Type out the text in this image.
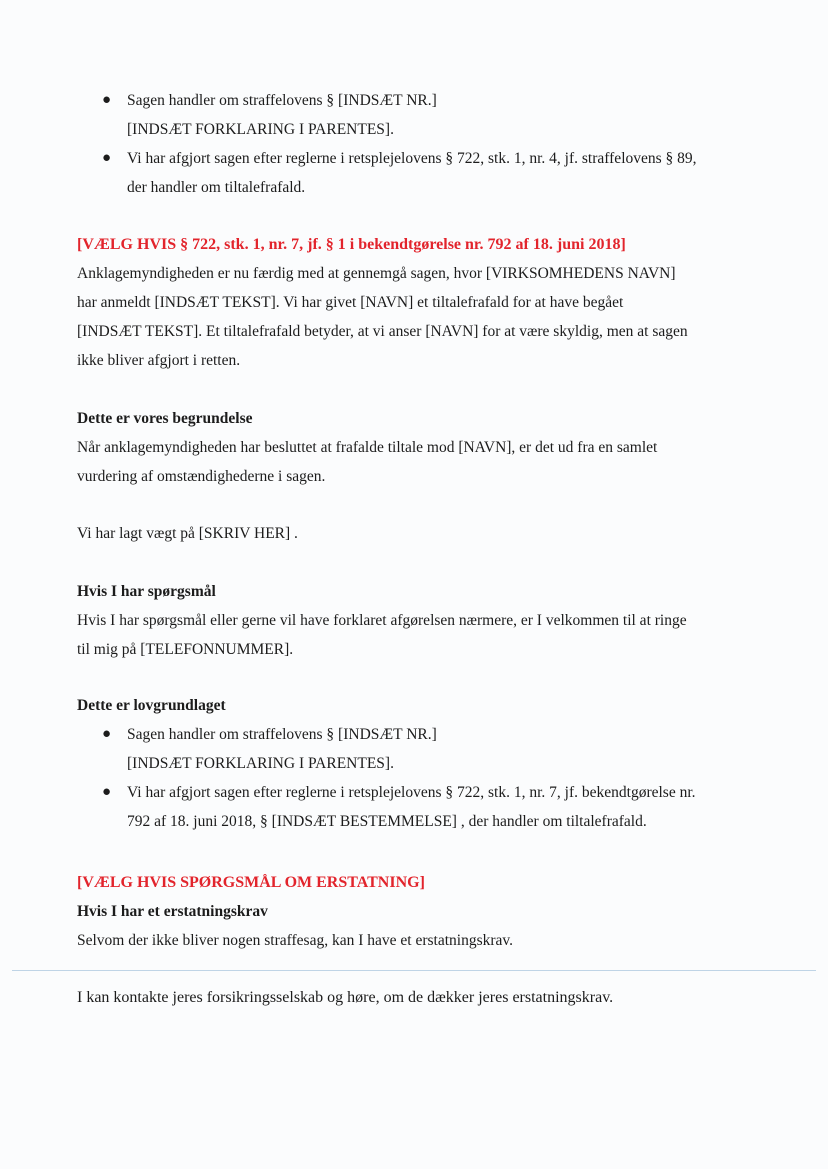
● Sagen handler om straffelovens § [INDSÆT NR.]
[INDSÆT FORKLARING I PARENTES].
● Vi har afgjort sagen efter reglerne i retsplejelovens § 722, stk. 1, nr. 4, jf. straffelovens § 89,
der handler om tiltalefrafald.
[VÆLG HVIS § 722, stk. 1, nr. 7, jf. § 1 i bekendtgørelse nr. 792 af 18. juni 2018]
Anklagemyndigheden er nu færdig med at gennemgå sagen, hvor [VIRKSOMHEDENS NAVN]
har anmeldt [INDSÆT TEKST]. Vi har givet [NAVN] et tiltalefrafald for at have begået
[INDSÆT TEKST]. Et tiltalefrafald betyder, at vi anser [NAVN] for at være skyldig, men at sagen
ikke bliver afgjort i retten.
Dette er vores begrundelse
Når anklagemyndigheden har besluttet at frafalde tiltale mod [NAVN], er det ud fra en samlet
vurdering af omstændighederne i sagen.
Vi har lagt vægt på [SKRIV HER] .
Hvis I har spørgsmål
Hvis I har spørgsmål eller gerne vil have forklaret afgørelsen nærmere, er I velkommen til at ringe
til mig på [TELEFONNUMMER].
Dette er lovgrundlaget
● Sagen handler om straffelovens § [INDSÆT NR.]
[INDSÆT FORKLARING I PARENTES].
● Vi har afgjort sagen efter reglerne i retsplejelovens § 722, stk. 1, nr. 7, jf. bekendtgørelse nr.
792 af 18. juni 2018, § [INDSÆT BESTEMMELSE] , der handler om tiltalefrafald.
[VÆLG HVIS SPØRGSMÅL OM ERSTATNING]
Hvis I har et erstatningskrav
Selvom der ikke bliver nogen straffesag, kan I have et erstatningskrav.
I kan kontakte jeres forsikringsselskab og høre, om de dækker jeres erstatningskrav.
